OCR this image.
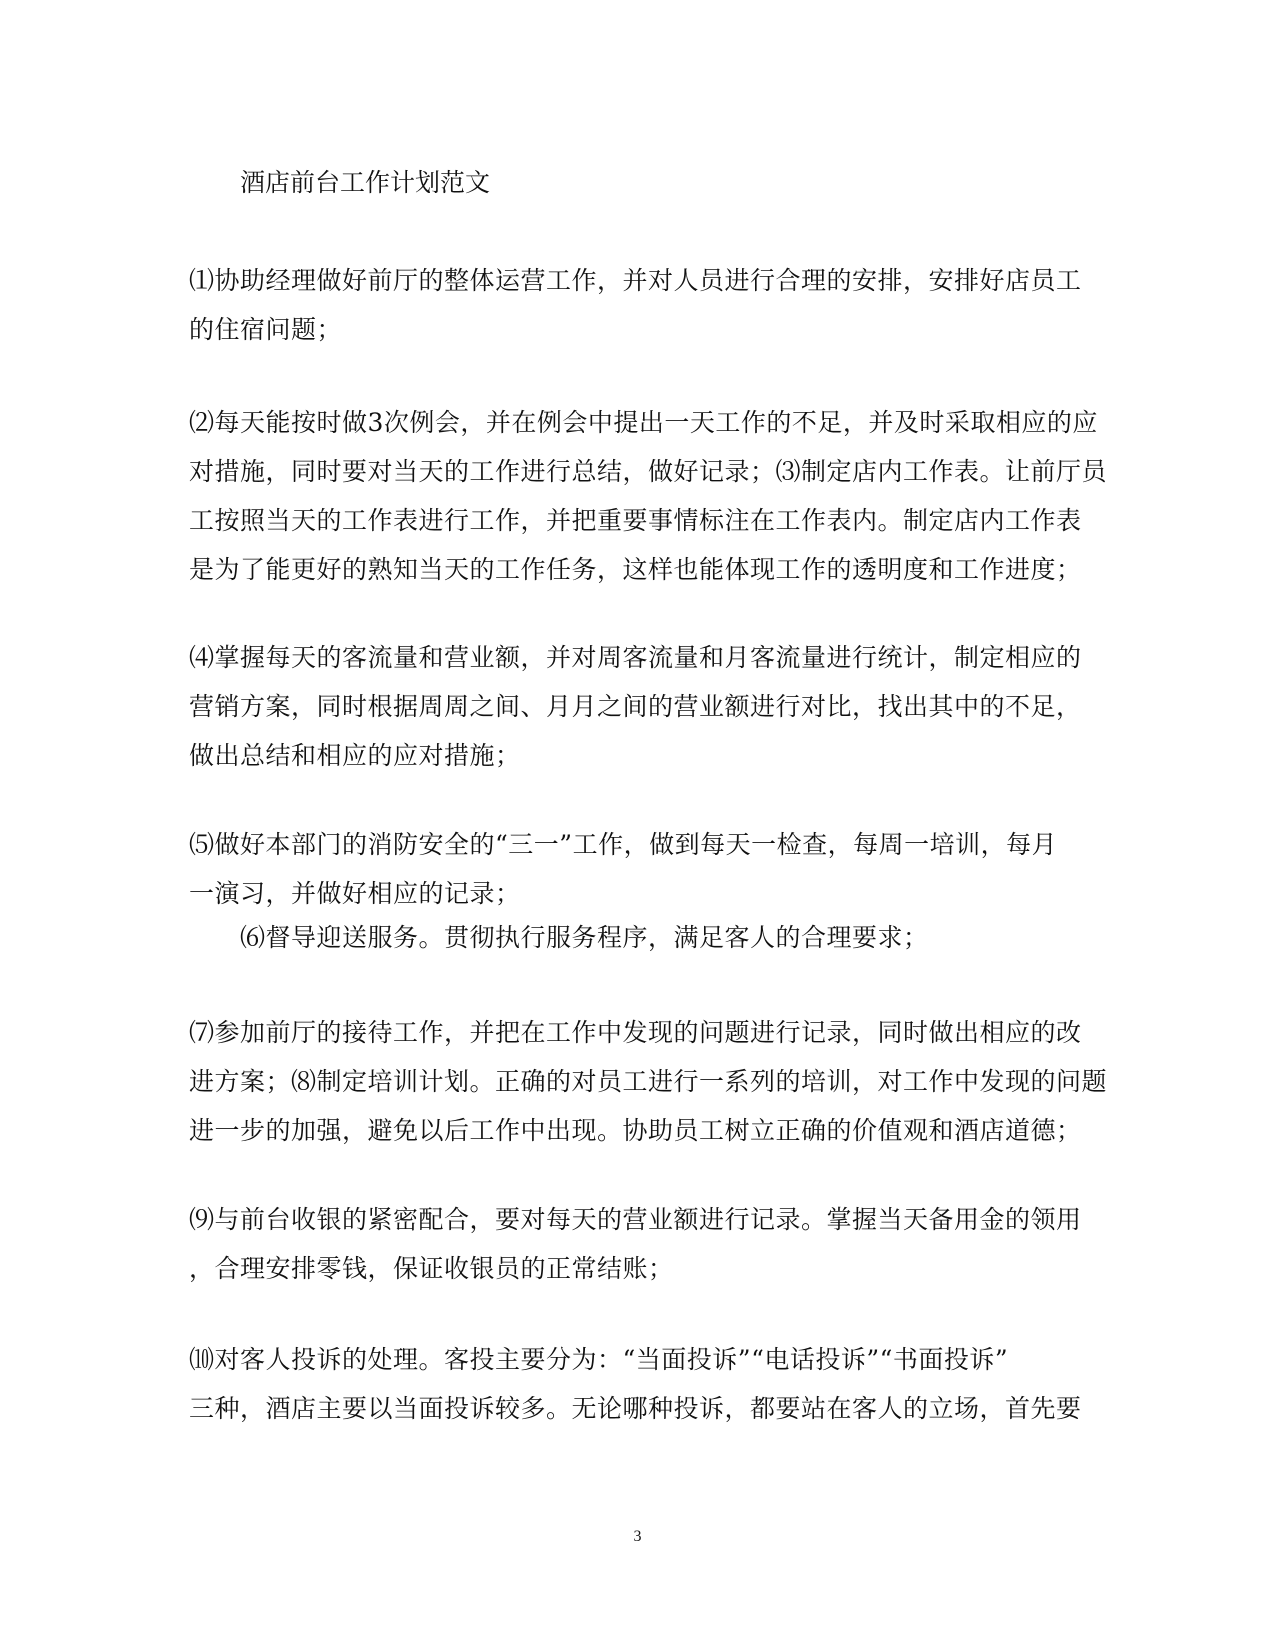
酒店前台工作计划范文
⑴协助经理做好前厅的整体运营工作，并对人员进行合理的安排，安排好店员工
的住宿问题；
⑵每天能按时做3次例会，并在例会中提出一天工作的不足，并及时采取相应的应
对措施，同时要对当天的工作进行总结，做好记录；⑶制定店内工作表。让前厅员
工按照当天的工作表进行工作，并把重要事情标注在工作表内。制定店内工作表
是为了能更好的熟知当天的工作任务，这样也能体现工作的透明度和工作进度；
⑷掌握每天的客流量和营业额，并对周客流量和月客流量进行统计，制定相应的
营销方案，同时根据周周之间、月月之间的营业额进行对比，找出其中的不足，
做出总结和相应的应对措施；
⑸做好本部门的消防安全的“三一”工作，做到每天一检查，每周一培训，每月
一演习，并做好相应的记录；
⑹督导迎送服务。贯彻执行服务程序，满足客人的合理要求；
⑺参加前厅的接待工作，并把在工作中发现的问题进行记录，同时做出相应的改
进方案；⑻制定培训计划。正确的对员工进行一系列的培训，对工作中发现的问题
进一步的加强，避免以后工作中出现。协助员工树立正确的价值观和酒店道德；
⑼与前台收银的紧密配合，要对每天的营业额进行记录。掌握当天备用金的领用
，合理安排零钱，保证收银员的正常结账；
⑽对客人投诉的处理。客投主要分为：“当面投诉”“电话投诉”“书面投诉”
三种，酒店主要以当面投诉较多。无论哪种投诉，都要站在客人的立场，首先要
3
